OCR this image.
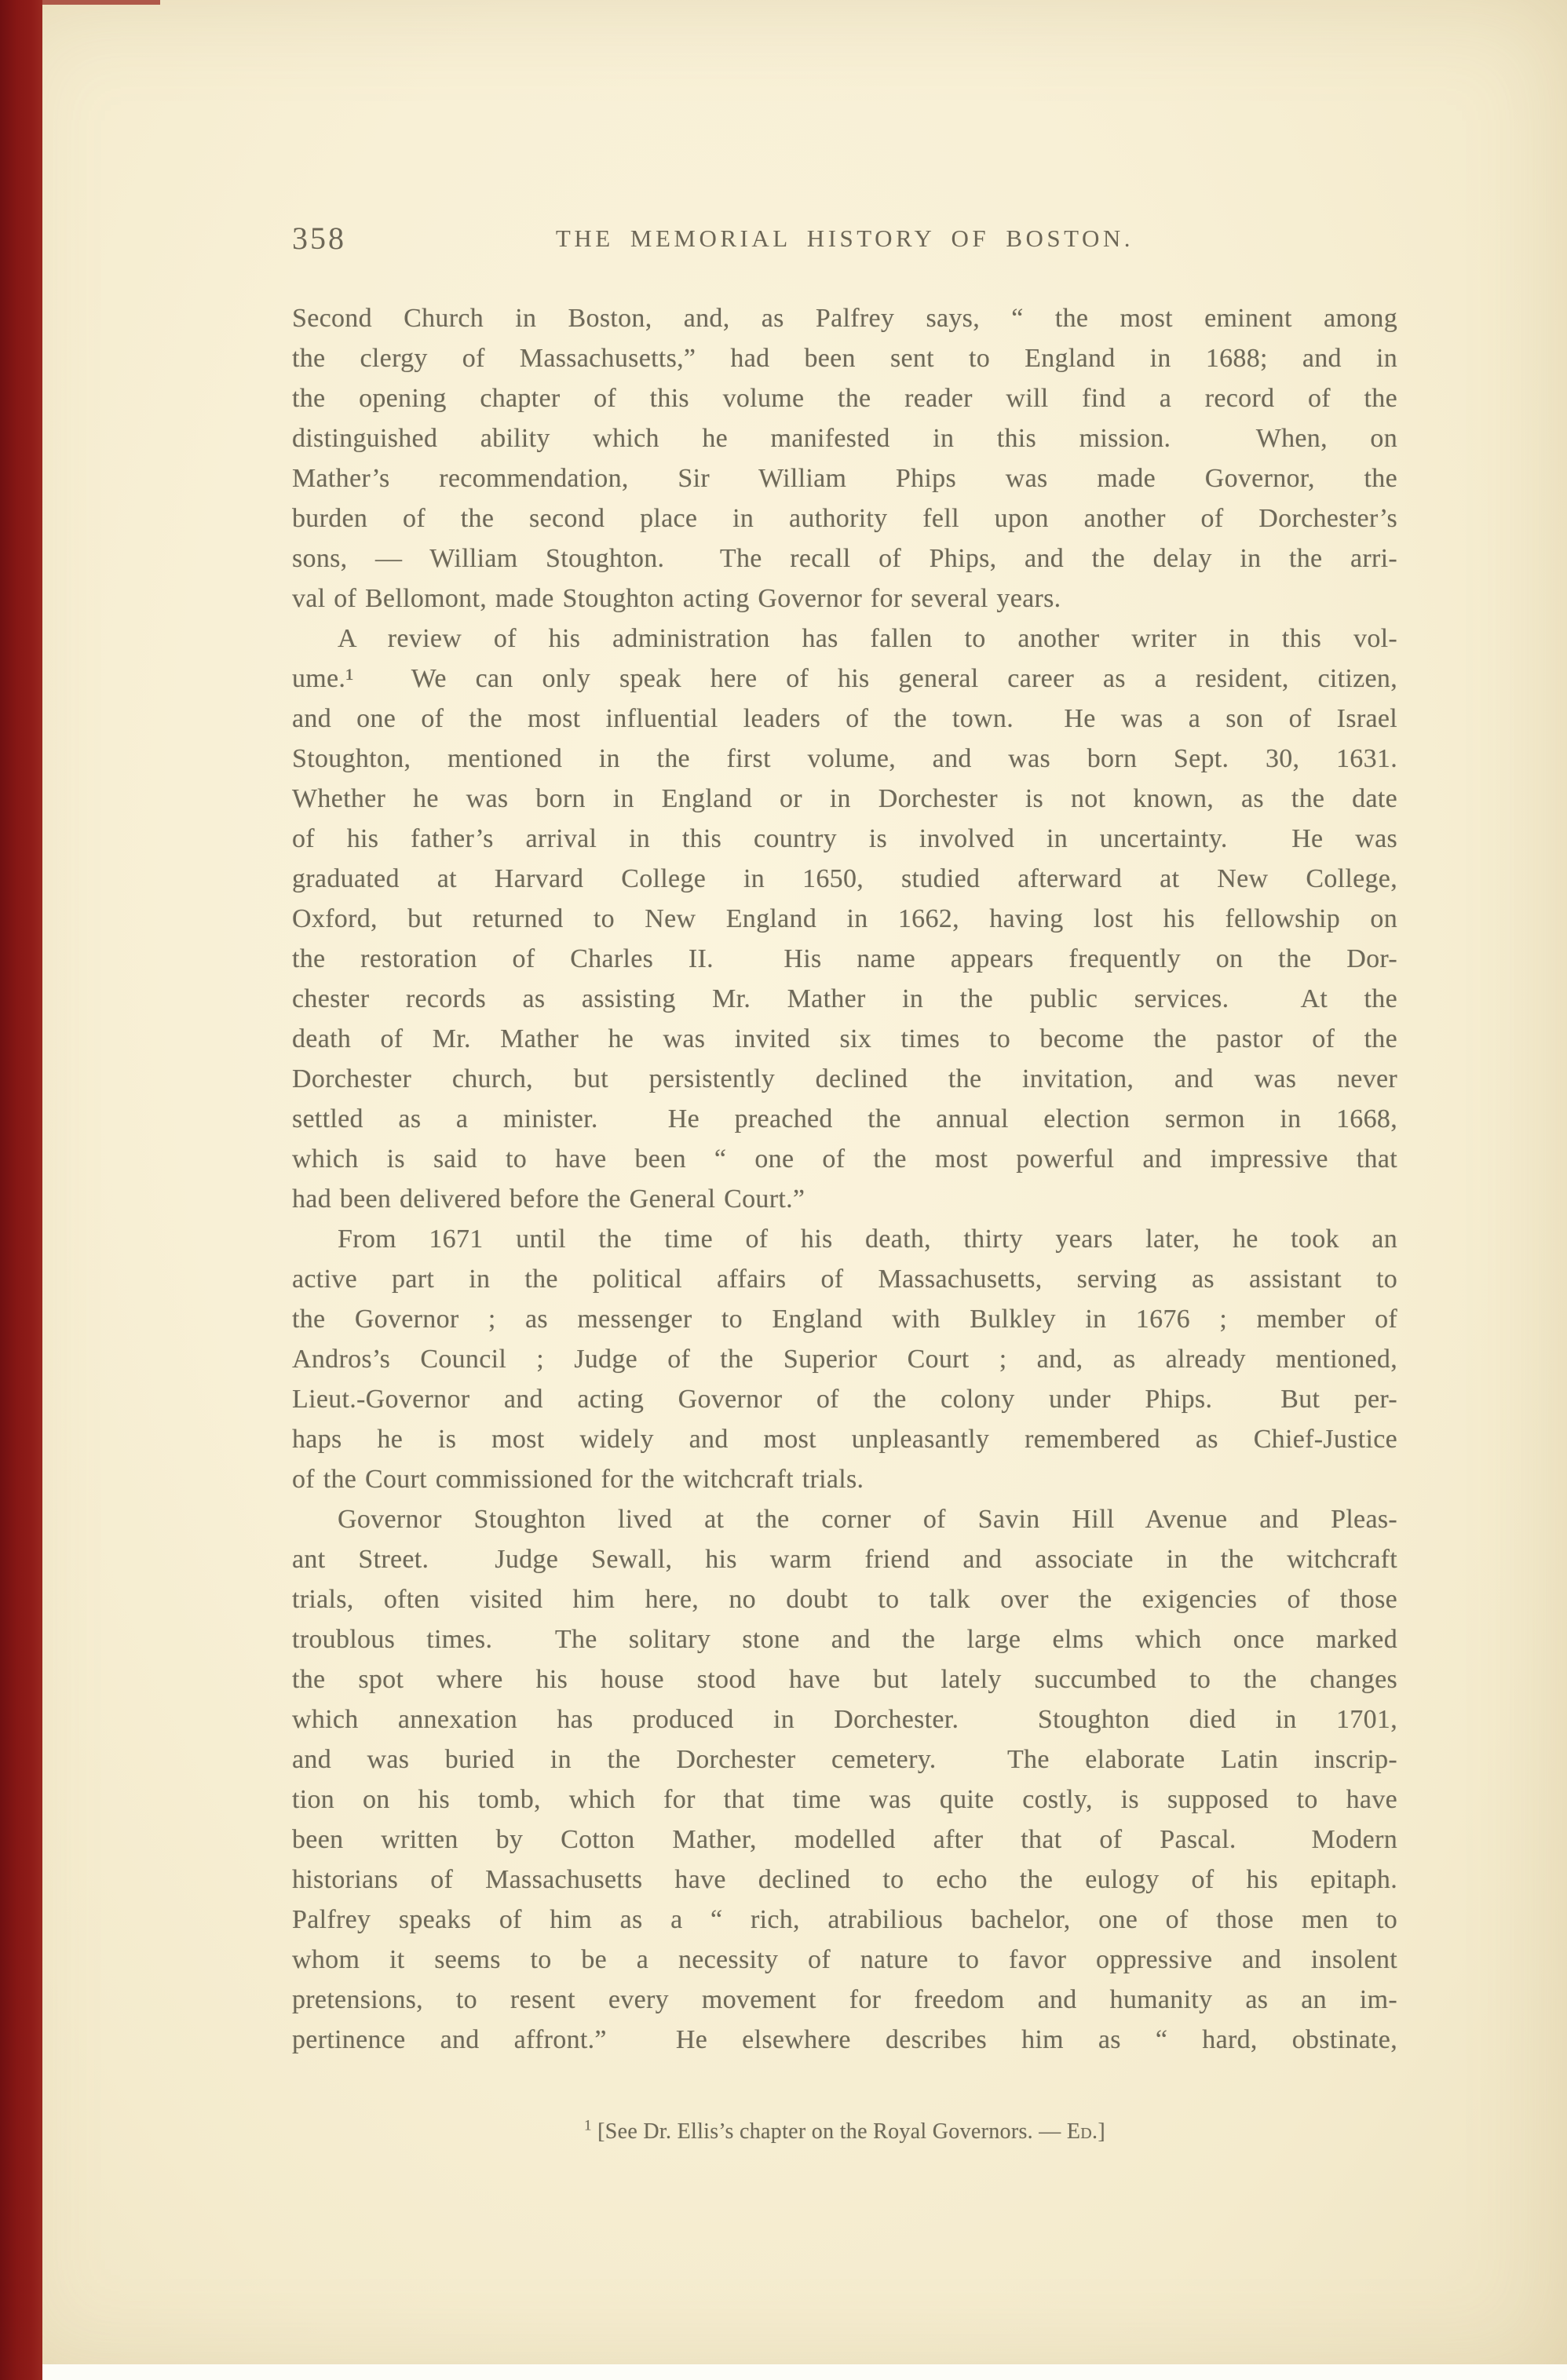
358	THE MEMORIAL HISTORY OF BOSTON.
Second Church in Boston, and, as Palfrey says, “ the most eminent among
the clergy of Massachusetts,” had been sent to England in 1688; and in
the opening chapter of this volume the reader will find a record of the
distinguished ability which he manifested in this mission.  When, on
Mather’s recommendation, Sir William Phips was made Governor, the
burden of the second place in authority fell upon another of Dorchester’s
sons, — William Stoughton.  The recall of Phips, and the delay in the arri-
val of Bellomont, made Stoughton acting Governor for several years.
A review of his administration has fallen to another writer in this vol-
ume.¹  We can only speak here of his general career as a resident, citizen,
and one of the most influential leaders of the town.  He was a son of Israel
Stoughton, mentioned in the first volume, and was born Sept. 30, 1631.
Whether he was born in England or in Dorchester is not known, as the date
of his father’s arrival in this country is involved in uncertainty.  He was
graduated at Harvard College in 1650, studied afterward at New College,
Oxford, but returned to New England in 1662, having lost his fellowship on
the restoration of Charles II.  His name appears frequently on the Dor-
chester records as assisting Mr. Mather in the public services.  At the
death of Mr. Mather he was invited six times to become the pastor of the
Dorchester church, but persistently declined the invitation, and was never
settled as a minister.  He preached the annual election sermon in 1668,
which is said to have been “ one of the most powerful and impressive that
had been delivered before the General Court.”
From 1671 until the time of his death, thirty years later, he took an
active part in the political affairs of Massachusetts, serving as assistant to
the Governor ; as messenger to England with Bulkley in 1676 ; member of
Andros’s Council ; Judge of the Superior Court ; and, as already mentioned,
Lieut.-Governor and acting Governor of the colony under Phips.  But per-
haps he is most widely and most unpleasantly remembered as Chief-Justice
of the Court commissioned for the witchcraft trials.
Governor Stoughton lived at the corner of Savin Hill Avenue and Pleas-
ant Street.  Judge Sewall, his warm friend and associate in the witchcraft
trials, often visited him here, no doubt to talk over the exigencies of those
troublous times.  The solitary stone and the large elms which once marked
the spot where his house stood have but lately succumbed to the changes
which annexation has produced in Dorchester.  Stoughton died in 1701,
and was buried in the Dorchester cemetery.  The elaborate Latin inscrip-
tion on his tomb, which for that time was quite costly, is supposed to have
been written by Cotton Mather, modelled after that of Pascal.  Modern
historians of Massachusetts have declined to echo the eulogy of his epitaph.
Palfrey speaks of him as a “ rich, atrabilious bachelor, one of those men to
whom it seems to be a necessity of nature to favor oppressive and insolent
pretensions, to resent every movement for freedom and humanity as an im-
pertinence and affront.”  He elsewhere describes him as “ hard, obstinate,
$^1$ [See Dr. Ellis’s chapter on the Royal Governors. — Ed.]
